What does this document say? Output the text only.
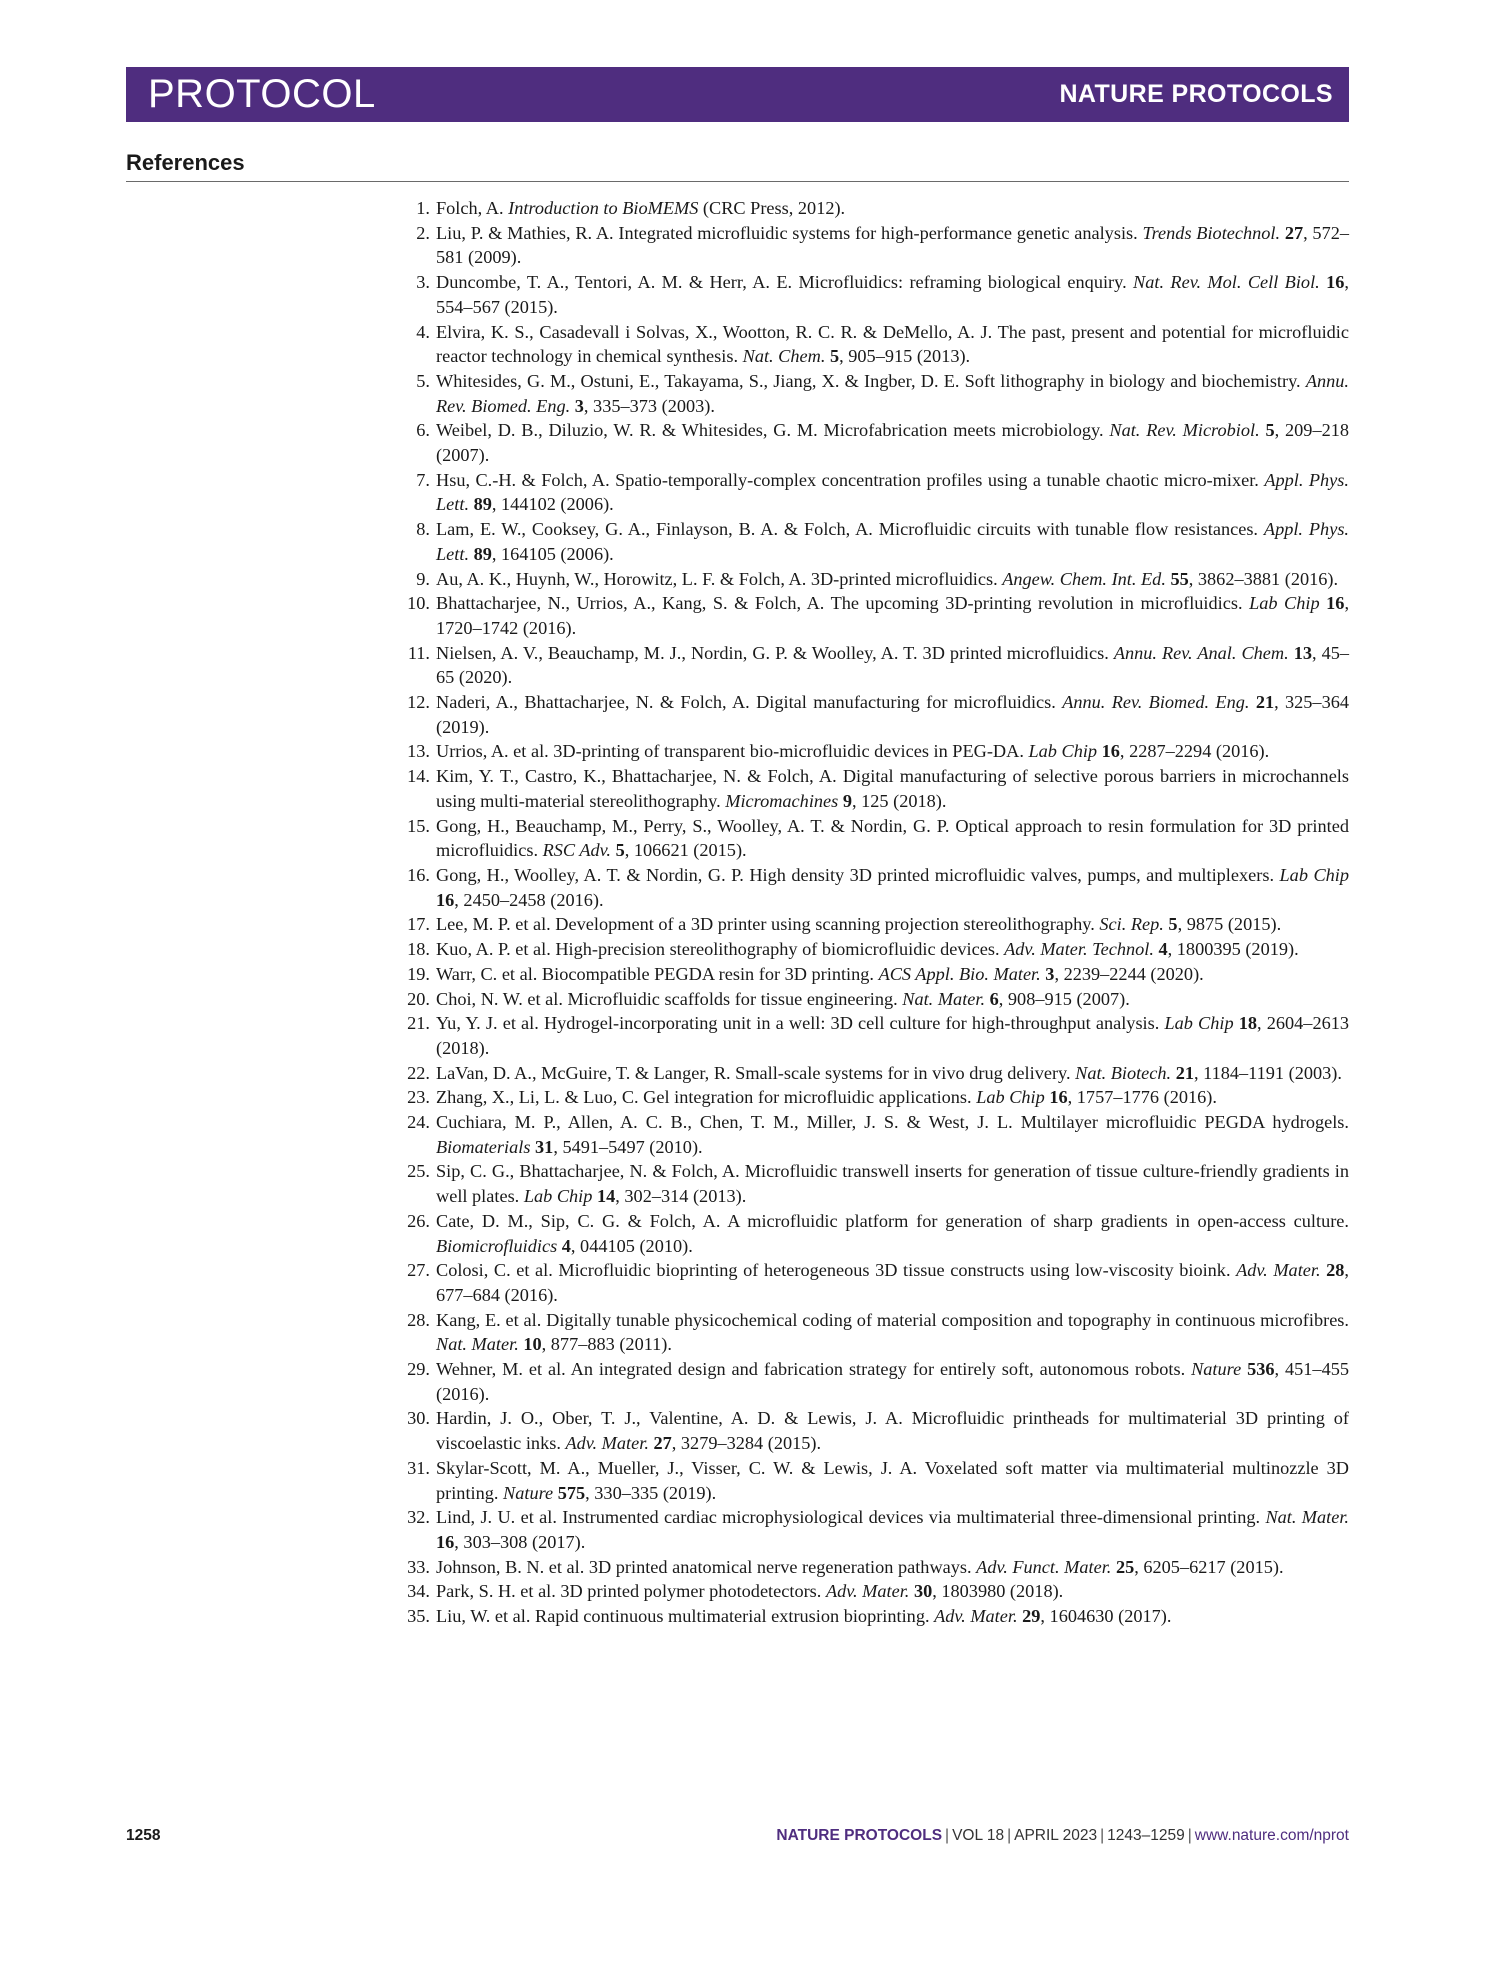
PROTOCOL	NATURE PROTOCOLS
References
1. Folch, A. Introduction to BioMEMS (CRC Press, 2012).
2. Liu, P. & Mathies, R. A. Integrated microfluidic systems for high-performance genetic analysis. Trends Biotechnol. 27, 572–581 (2009).
3. Duncombe, T. A., Tentori, A. M. & Herr, A. E. Microfluidics: reframing biological enquiry. Nat. Rev. Mol. Cell Biol. 16, 554–567 (2015).
4. Elvira, K. S., Casadevall i Solvas, X., Wootton, R. C. R. & DeMello, A. J. The past, present and potential for microfluidic reactor technology in chemical synthesis. Nat. Chem. 5, 905–915 (2013).
5. Whitesides, G. M., Ostuni, E., Takayama, S., Jiang, X. & Ingber, D. E. Soft lithography in biology and biochemistry. Annu. Rev. Biomed. Eng. 3, 335–373 (2003).
6. Weibel, D. B., Diluzio, W. R. & Whitesides, G. M. Microfabrication meets microbiology. Nat. Rev. Microbiol. 5, 209–218 (2007).
7. Hsu, C.-H. & Folch, A. Spatio-temporally-complex concentration profiles using a tunable chaotic micro-mixer. Appl. Phys. Lett. 89, 144102 (2006).
8. Lam, E. W., Cooksey, G. A., Finlayson, B. A. & Folch, A. Microfluidic circuits with tunable flow resistances. Appl. Phys. Lett. 89, 164105 (2006).
9. Au, A. K., Huynh, W., Horowitz, L. F. & Folch, A. 3D-printed microfluidics. Angew. Chem. Int. Ed. 55, 3862–3881 (2016).
10. Bhattacharjee, N., Urrios, A., Kang, S. & Folch, A. The upcoming 3D-printing revolution in microfluidics. Lab Chip 16, 1720–1742 (2016).
11. Nielsen, A. V., Beauchamp, M. J., Nordin, G. P. & Woolley, A. T. 3D printed microfluidics. Annu. Rev. Anal. Chem. 13, 45–65 (2020).
12. Naderi, A., Bhattacharjee, N. & Folch, A. Digital manufacturing for microfluidics. Annu. Rev. Biomed. Eng. 21, 325–364 (2019).
13. Urrios, A. et al. 3D-printing of transparent bio-microfluidic devices in PEG-DA. Lab Chip 16, 2287–2294 (2016).
14. Kim, Y. T., Castro, K., Bhattacharjee, N. & Folch, A. Digital manufacturing of selective porous barriers in microchannels using multi-material stereolithography. Micromachines 9, 125 (2018).
15. Gong, H., Beauchamp, M., Perry, S., Woolley, A. T. & Nordin, G. P. Optical approach to resin formulation for 3D printed microfluidics. RSC Adv. 5, 106621 (2015).
16. Gong, H., Woolley, A. T. & Nordin, G. P. High density 3D printed microfluidic valves, pumps, and multiplexers. Lab Chip 16, 2450–2458 (2016).
17. Lee, M. P. et al. Development of a 3D printer using scanning projection stereolithography. Sci. Rep. 5, 9875 (2015).
18. Kuo, A. P. et al. High-precision stereolithography of biomicrofluidic devices. Adv. Mater. Technol. 4, 1800395 (2019).
19. Warr, C. et al. Biocompatible PEGDA resin for 3D printing. ACS Appl. Bio. Mater. 3, 2239–2244 (2020).
20. Choi, N. W. et al. Microfluidic scaffolds for tissue engineering. Nat. Mater. 6, 908–915 (2007).
21. Yu, Y. J. et al. Hydrogel-incorporating unit in a well: 3D cell culture for high-throughput analysis. Lab Chip 18, 2604–2613 (2018).
22. LaVan, D. A., McGuire, T. & Langer, R. Small-scale systems for in vivo drug delivery. Nat. Biotech. 21, 1184–1191 (2003).
23. Zhang, X., Li, L. & Luo, C. Gel integration for microfluidic applications. Lab Chip 16, 1757–1776 (2016).
24. Cuchiara, M. P., Allen, A. C. B., Chen, T. M., Miller, J. S. & West, J. L. Multilayer microfluidic PEGDA hydrogels. Biomaterials 31, 5491–5497 (2010).
25. Sip, C. G., Bhattacharjee, N. & Folch, A. Microfluidic transwell inserts for generation of tissue culture-friendly gradients in well plates. Lab Chip 14, 302–314 (2013).
26. Cate, D. M., Sip, C. G. & Folch, A. A microfluidic platform for generation of sharp gradients in open-access culture. Biomicrofluidics 4, 044105 (2010).
27. Colosi, C. et al. Microfluidic bioprinting of heterogeneous 3D tissue constructs using low-viscosity bioink. Adv. Mater. 28, 677–684 (2016).
28. Kang, E. et al. Digitally tunable physicochemical coding of material composition and topography in continuous microfibres. Nat. Mater. 10, 877–883 (2011).
29. Wehner, M. et al. An integrated design and fabrication strategy for entirely soft, autonomous robots. Nature 536, 451–455 (2016).
30. Hardin, J. O., Ober, T. J., Valentine, A. D. & Lewis, J. A. Microfluidic printheads for multimaterial 3D printing of viscoelastic inks. Adv. Mater. 27, 3279–3284 (2015).
31. Skylar-Scott, M. A., Mueller, J., Visser, C. W. & Lewis, J. A. Voxelated soft matter via multimaterial multinozzle 3D printing. Nature 575, 330–335 (2019).
32. Lind, J. U. et al. Instrumented cardiac microphysiological devices via multimaterial three-dimensional printing. Nat. Mater. 16, 303–308 (2017).
33. Johnson, B. N. et al. 3D printed anatomical nerve regeneration pathways. Adv. Funct. Mater. 25, 6205–6217 (2015).
34. Park, S. H. et al. 3D printed polymer photodetectors. Adv. Mater. 30, 1803980 (2018).
35. Liu, W. et al. Rapid continuous multimaterial extrusion bioprinting. Adv. Mater. 29, 1604630 (2017).
1258	NATURE PROTOCOLS | VOL 18 | APRIL 2023 | 1243–1259 | www.nature.com/nprot
